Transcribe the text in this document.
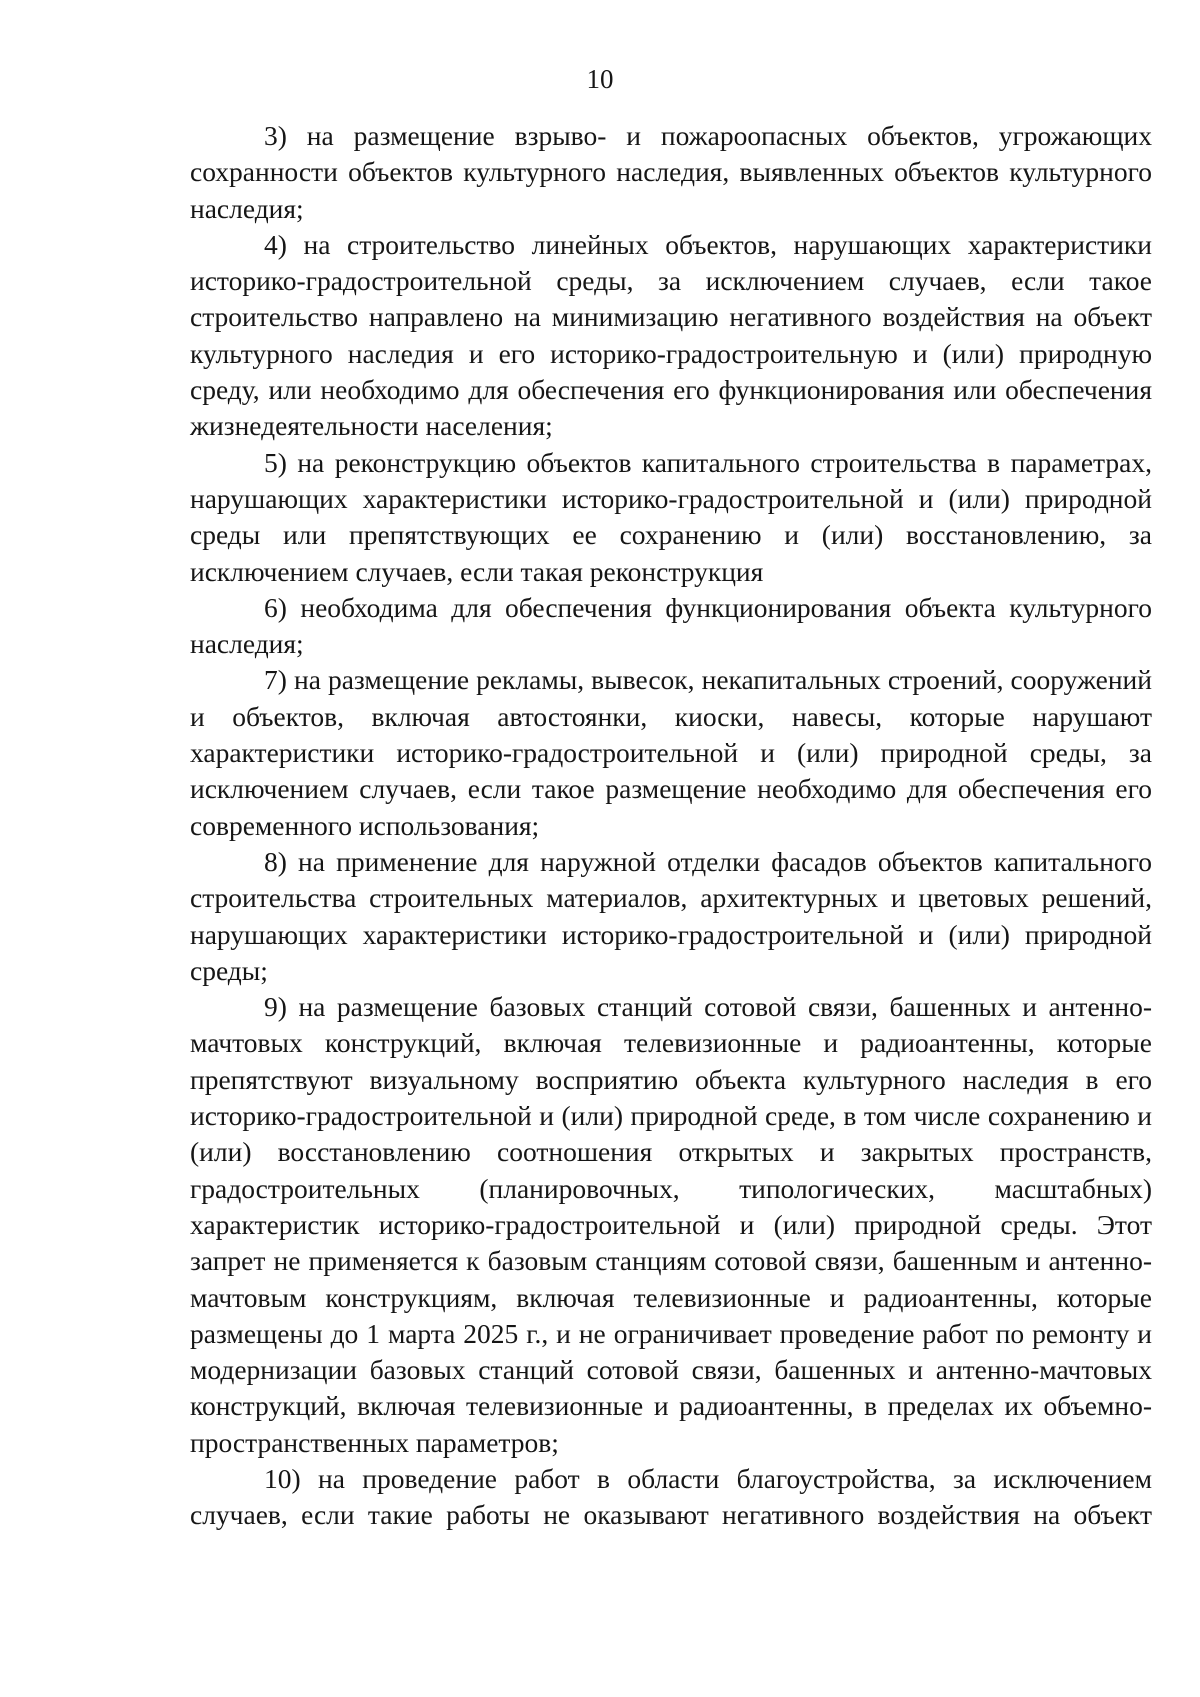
10

3) на размещение взрыво- и пожароопасных объектов, угрожающих сохранности объектов культурного наследия, выявленных объектов культурного наследия;

4) на строительство линейных объектов, нарушающих характеристики историко-градостроительной среды, за исключением случаев, если такое строительство направлено на минимизацию негативного воздействия на объект культурного наследия и его историко-градостроительную и (или) природную среду, или необходимо для обеспечения его функционирования или обеспечения жизнедеятельности населения;

5) на реконструкцию объектов капитального строительства в параметрах, нарушающих характеристики историко-градостроительной и (или) природной среды или препятствующих ее сохранению и (или) восстановлению, за исключением случаев, если такая реконструкция

6) необходима для обеспечения функционирования объекта культурного наследия;

7) на размещение рекламы, вывесок, некапитальных строений, сооружений и объектов, включая автостоянки, киоски, навесы, которые нарушают характеристики историко-градостроительной и (или) природной среды, за исключением случаев, если такое размещение необходимо для обеспечения его современного использования;

8) на применение для наружной отделки фасадов объектов капитального строительства строительных материалов, архитектурных и цветовых решений, нарушающих характеристики историко-градостроительной и (или) природной среды;

9) на размещение базовых станций сотовой связи, башенных и антенно-мачтовых конструкций, включая телевизионные и радиоантенны, которые препятствуют визуальному восприятию объекта культурного наследия в его историко-градостроительной и (или) природной среде, в том числе сохранению и (или) восстановлению соотношения открытых и закрытых пространств, градостроительных (планировочных, типологических, масштабных) характеристик историко-градостроительной и (или) природной среды. Этот запрет не применяется к базовым станциям сотовой связи, башенным и антенно-мачтовым конструкциям, включая телевизионные и радиоантенны, которые размещены до 1 марта 2025 г., и не ограничивает проведение работ по ремонту и модернизации базовых станций сотовой связи, башенных и антенно-мачтовых конструкций, включая телевизионные и радиоантенны, в пределах их объемно-пространственных параметров;

10) на проведение работ в области благоустройства, за исключением случаев, если такие работы не оказывают негативного воздействия на объект
